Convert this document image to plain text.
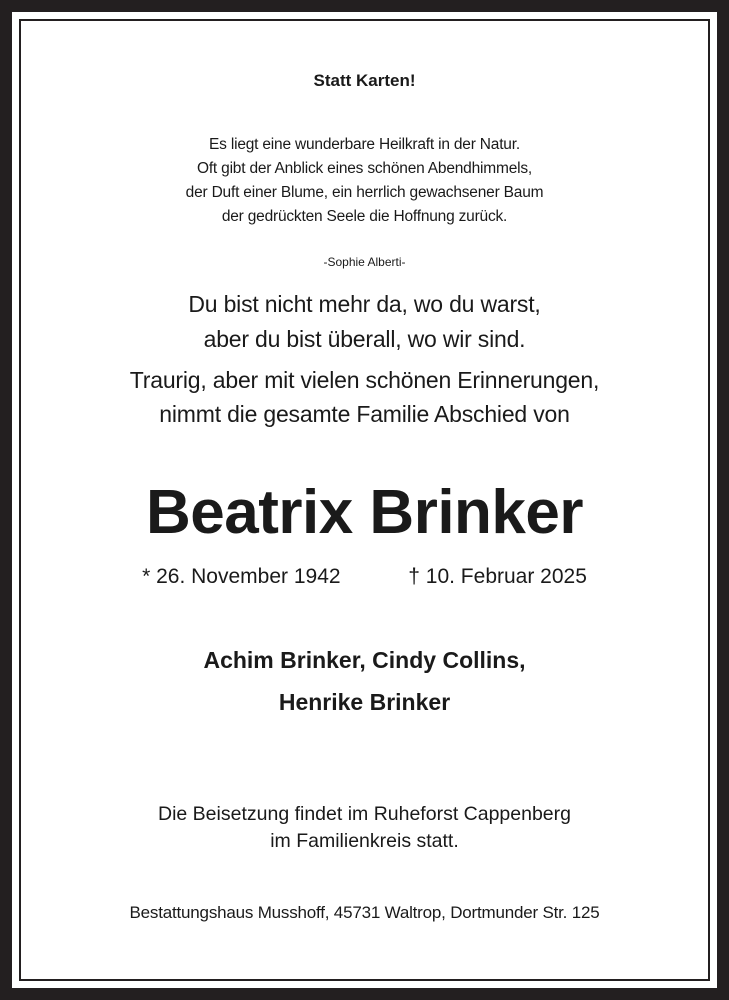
Statt Karten!
Es liegt eine wunderbare Heilkraft in der Natur.
Oft gibt der Anblick eines schönen Abendhimmels,
der Duft einer Blume, ein herrlich gewachsener Baum
der gedrückten Seele die Hoffnung zurück.
-Sophie Alberti-
Du bist nicht mehr da, wo du warst,
aber du bist überall, wo wir sind.
Traurig, aber mit vielen schönen Erinnerungen,
nimmt die gesamte Familie Abschied von
Beatrix Brinker
* 26. November 1942	† 10. Februar 2025
Achim Brinker, Cindy Collins,
Henrike Brinker
Die Beisetzung findet im Ruheforst Cappenberg
im Familienkreis statt.
Bestattungshaus Musshoff, 45731 Waltrop, Dortmunder Str. 125
